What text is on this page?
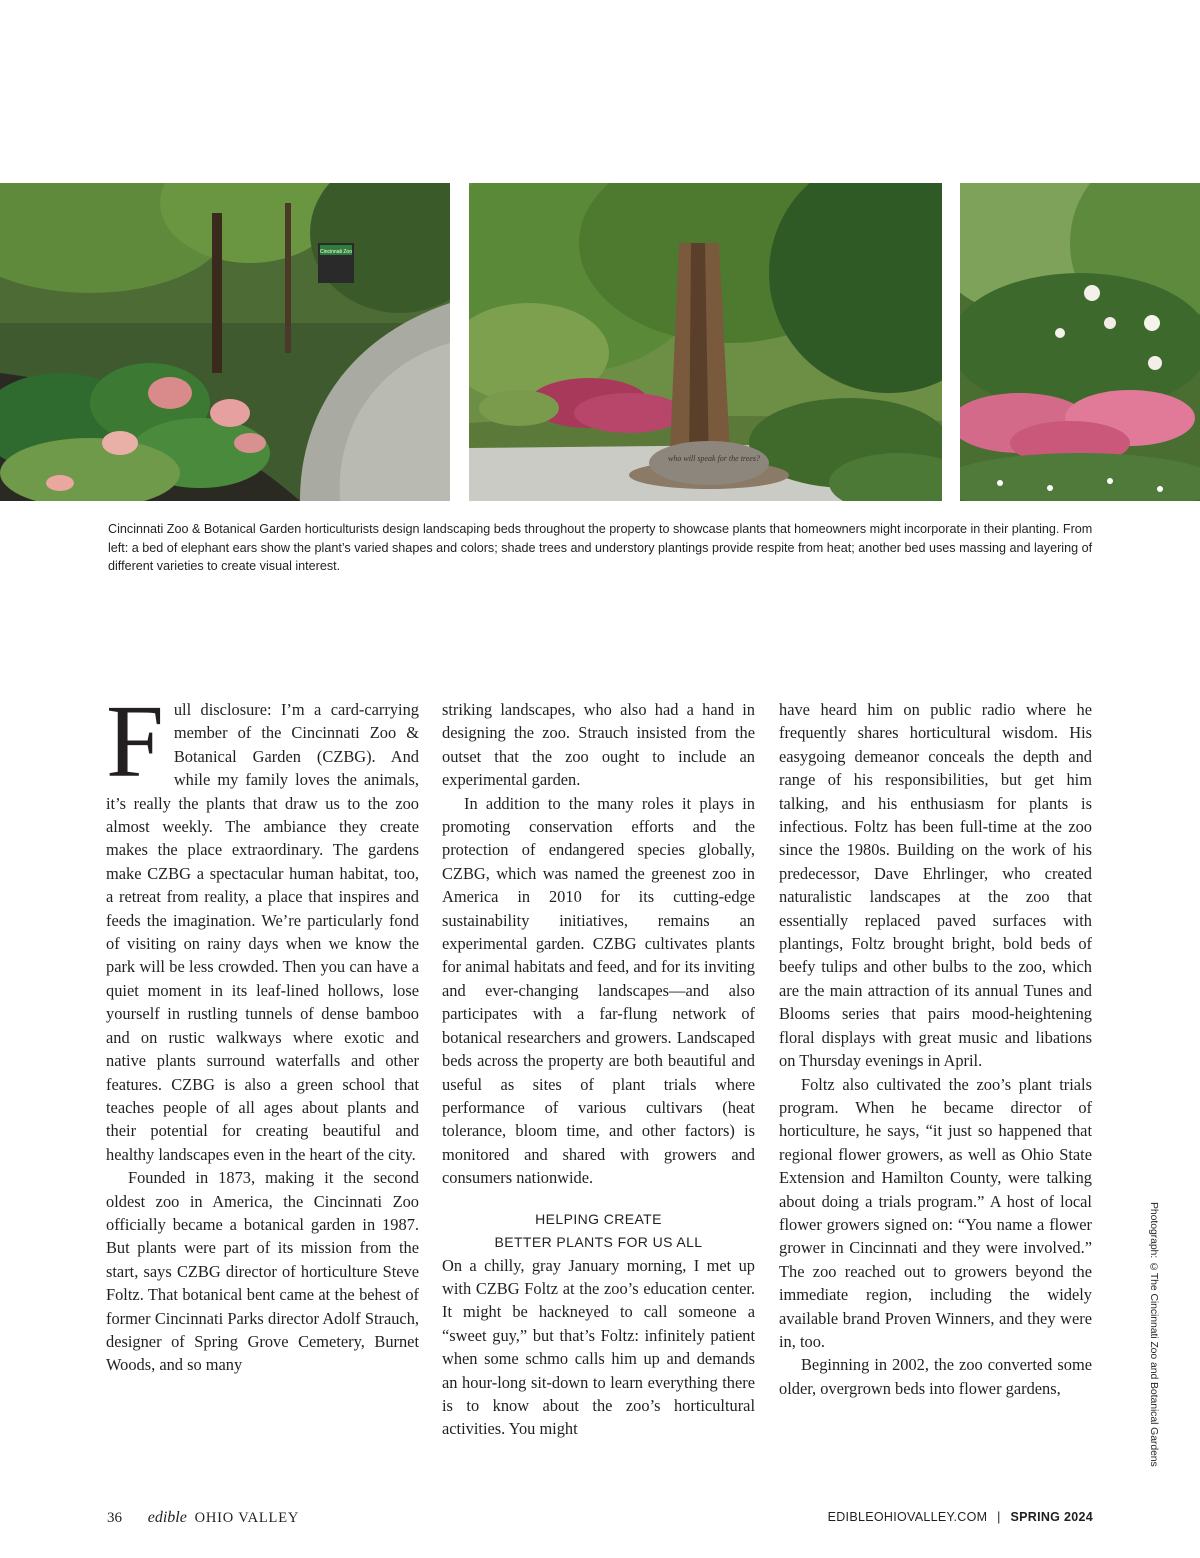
Cincinnati Zoo
who will speak for the trees?
Cincinnati Zoo & Botanical Garden horticulturists design landscaping beds throughout the property to showcase plants that homeowners might incorporate in their planting. From left: a bed of elephant ears show the plant’s varied shapes and colors; shade trees and understory plantings provide respite from heat; another bed uses massing and layering of different varieties to create visual interest.

Full disclosure: I’m a card-carrying member of the Cincinnati Zoo & Botanical Garden (CZBG). And while my family loves the animals, it’s really the plants that draw us to the zoo almost weekly. The ambiance they create makes the place extraordinary. The gardens make CZBG a spectacular human habitat, too, a retreat from reality, a place that inspires and feeds the imagination. We’re particularly fond of visiting on rainy days when we know the park will be less crowded. Then you can have a quiet moment in its leaf-lined hollows, lose yourself in rustling tunnels of dense bamboo and on rustic walkways where exotic and native plants surround waterfalls and other features. CZBG is also a green school that teaches people of all ages about plants and their potential for creating beautiful and healthy landscapes even in the heart of the city.

Founded in 1873, making it the second oldest zoo in America, the Cincinnati Zoo officially became a botanical garden in 1987. But plants were part of its mission from the start, says CZBG director of horticulture Steve Foltz. That botanical bent came at the behest of former Cincinnati Parks director Adolf Strauch, designer of Spring Grove Cemetery, Burnet Woods, and so many

striking landscapes, who also had a hand in designing the zoo. Strauch insisted from the outset that the zoo ought to include an experimental garden.

In addition to the many roles it plays in promoting conservation efforts and the protection of endangered species globally, CZBG, which was named the greenest zoo in America in 2010 for its cutting-edge sustainability initiatives, remains an experimental garden. CZBG cultivates plants for animal habitats and feed, and for its inviting and ever-changing landscapes—and also participates with a far-flung network of botanical researchers and growers. Landscaped beds across the property are both beautiful and useful as sites of plant trials where performance of various cultivars (heat tolerance, bloom time, and other factors) is monitored and shared with growers and consumers nationwide.

HELPING CREATE
BETTER PLANTS FOR US ALL

On a chilly, gray January morning, I met up with CZBG Foltz at the zoo’s education center. It might be hackneyed to call someone a “sweet guy,” but that’s Foltz: infinitely patient when some schmo calls him up and demands an hour-long sit-down to learn everything there is to know about the zoo’s horticultural activities. You might

have heard him on public radio where he frequently shares horticultural wisdom. His easygoing demeanor conceals the depth and range of his responsibilities, but get him talking, and his enthusiasm for plants is infectious. Foltz has been full-time at the zoo since the 1980s. Building on the work of his predecessor, Dave Ehrlinger, who created naturalistic landscapes at the zoo that essentially replaced paved surfaces with plantings, Foltz brought bright, bold beds of beefy tulips and other bulbs to the zoo, which are the main attraction of its annual Tunes and Blooms series that pairs mood-heightening floral displays with great music and libations on Thursday evenings in April.

Foltz also cultivated the zoo’s plant trials program. When he became director of horticulture, he says, “it just so happened that regional flower growers, as well as Ohio State Extension and Hamilton County, were talking about doing a trials program.” A host of local flower growers signed on: “You name a flower grower in Cincinnati and they were involved.” The zoo reached out to growers beyond the immediate region, including the widely available brand Proven Winners, and they were in, too.

Beginning in 2002, the zoo converted some older, overgrown beds into flower gardens,	Photograph: ©The Cincinnati Zoo and Botanical Gardens
36 edible OHIO VALLEY	EDIBLEOHIOVALLEY.COM | SPRING 2024
